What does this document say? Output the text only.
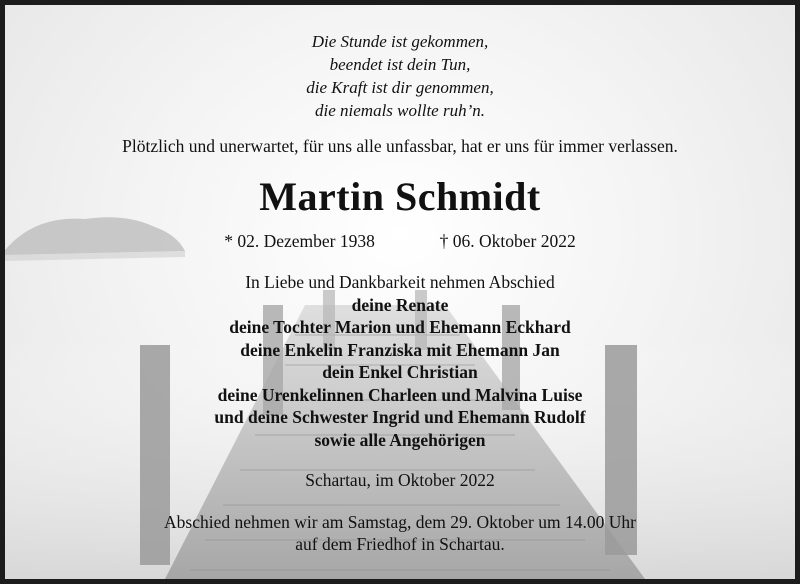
Die Stunde ist gekommen,
beendet ist dein Tun,
die Kraft ist dir genommen,
die niemals wollte ruh’n.
Plötzlich und unerwartet, für uns alle unfassbar, hat er uns für immer verlassen.
Martin Schmidt
* 02. Dezember 1938	† 06. Oktober 2022
In Liebe und Dankbarkeit nehmen Abschied
deine Renate
deine Tochter Marion und Ehemann Eckhard
deine Enkelin Franziska mit Ehemann Jan
dein Enkel Christian
deine Urenkelinnen Charleen und Malvina Luise
und deine Schwester Ingrid und Ehemann Rudolf
sowie alle Angehörigen
Schartau, im Oktober 2022
Abschied nehmen wir am Samstag, dem 29. Oktober um 14.00 Uhr
auf dem Friedhof in Schartau.
